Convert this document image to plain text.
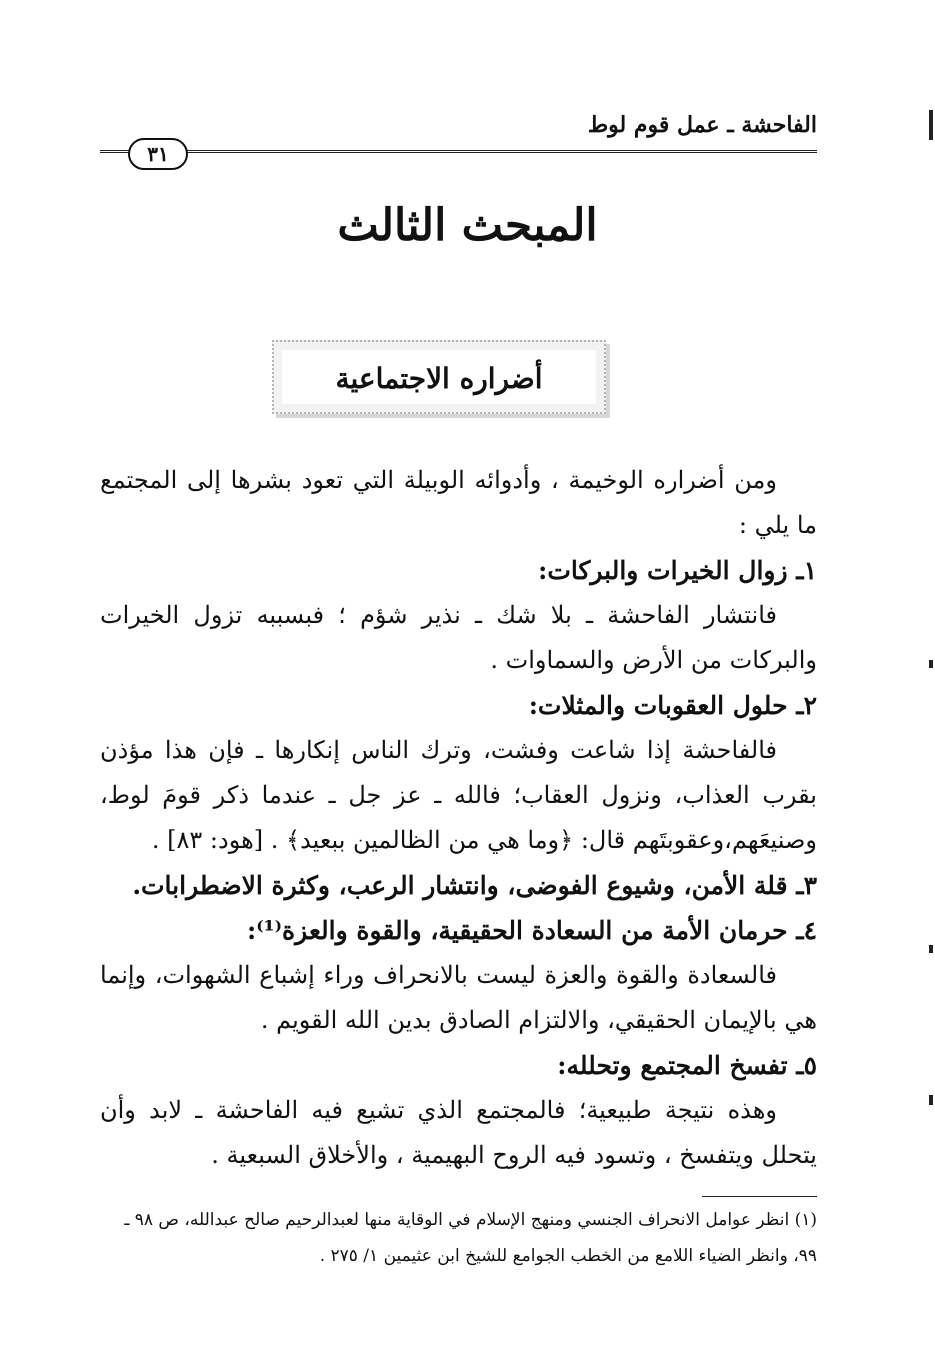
الفاحشة ـ عمل قوم لوط
٣١
المبحث الثالث
أضراره الاجتماعية

ومن أضراره الوخيمة ، وأدوائه الوبيلة التي تعود بشرها إلى المجتمع ما يلي :

١ـ زوال الخيرات والبركات:

فانتشار الفاحشة ـ بلا شك ـ نذير شؤم ؛ فبسببه تزول الخيرات والبركات من الأرض والسماوات .

٢ـ حلول العقوبات والمثلات:

فالفاحشة إذا شاعت وفشت، وترك الناس إنكارها ـ فإن هذا مؤذن بقرب العذاب، ونزول العقاب؛ فالله ـ عز جل ـ عندما ذكر قومَ لوط، وصنيعَهم،وعقوبتَهم قال: ﴿وما هي من الظالمين ببعيد﴾ . [هود: ٨٣] .

٣ـ قلة الأمن، وشيوع الفوضى، وانتشار الرعب، وكثرة الاضطرابات.

٤ـ حرمان الأمة من السعادة الحقيقية، والقوة والعزة⁽¹⁾:

فالسعادة والقوة والعزة ليست بالانحراف وراء إشباع الشهوات، وإنما هي بالإيمان الحقيقي، والالتزام الصادق بدين الله القويم .

٥ـ تفسخ المجتمع وتحلله:

وهذه نتيجة طبيعية؛ فالمجتمع الذي تشيع فيه الفاحشة ـ لابد وأن يتحلل ويتفسخ ، وتسود فيه الروح البهيمية ، والأخلاق السبعية .

(١) انظر عوامل الانحراف الجنسي ومنهج الإسلام في الوقاية منها لعبدالرحيم صالح عبدالله، ص ٩٨ ـ ٩٩، وانظر الضياء اللامع من الخطب الجوامع للشيخ ابن عثيمين ١/ ٢٧٥ .
